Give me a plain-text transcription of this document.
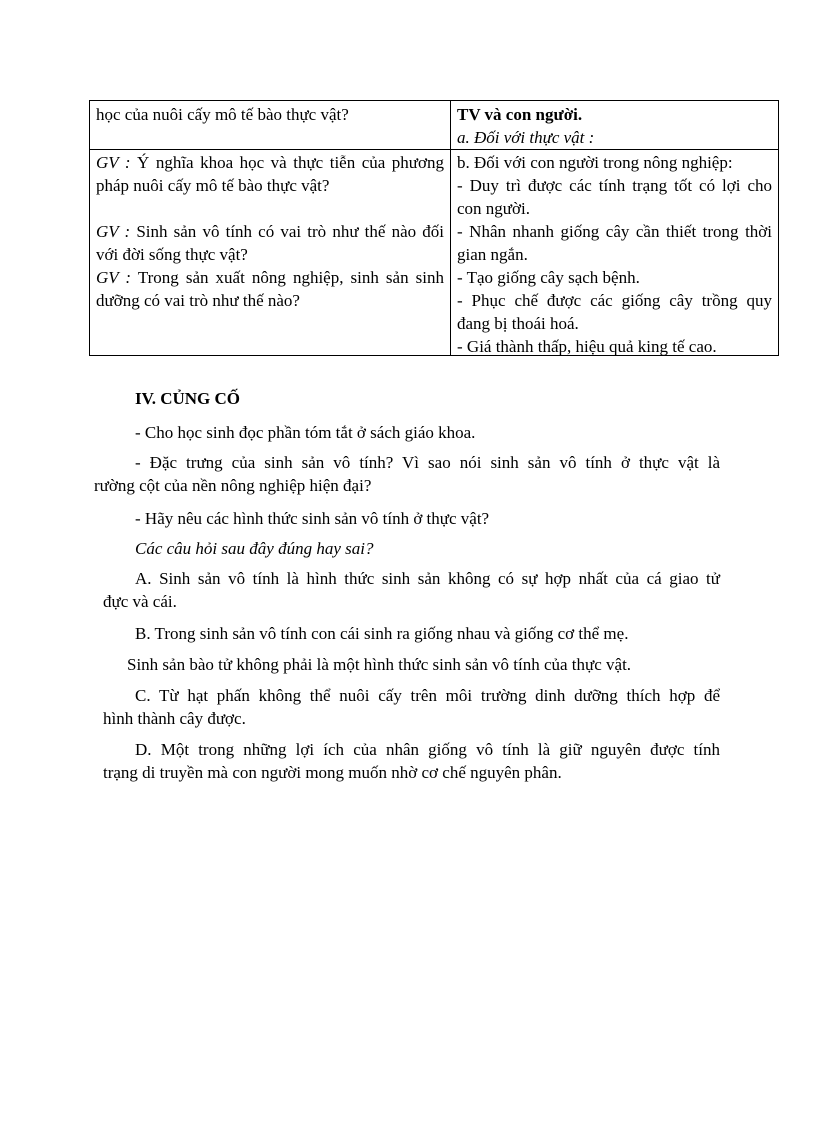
học của nuôi cấy mô tế bào thực vật?	TV và con người.

a. Đối với thực vật :

GV : Ý nghĩa khoa học và thực tiễn của phương pháp nuôi cấy mô tế bào thực vật?

GV : Sinh sản vô tính có vai trò như thế nào đối với đời sống thực vật?

GV : Trong sản xuất nông nghiệp, sinh sản sinh dưỡng có vai trò như thế nào?

b. Đối với con người trong nông nghiệp:

- Duy trì được các tính trạng tốt có lợi cho con người.

- Nhân nhanh giống cây cần thiết trong thời gian ngắn.

- Tạo giống cây sạch bệnh.

- Phục chế được các giống cây trồng quy đang bị thoái hoá.

- Giá thành thấp, hiệu quả king tế cao.

IV. CỦNG CỐ
- Cho học sinh đọc phần tóm tắt ở sách giáo khoa.
- Đặc trưng của sinh sản vô tính? Vì sao nói sinh sản vô tính ở thực vật là
rường cột của nền nông nghiệp hiện đại?
- Hãy nêu các hình thức sinh sản vô tính ở thực vật?
Các câu hỏi sau đây đúng hay sai?
A. Sinh sản vô tính là hình thức sinh sản không có sự hợp nhất của cá giao tử
đực và cái.
B. Trong sinh sản vô tính con cái sinh ra giống nhau và giống cơ thể mẹ.
Sinh sản bào tử không phải là một hình thức sinh sản vô tính của thực vật.
C. Từ hạt phấn không thể nuôi cấy trên môi trường dinh dưỡng thích hợp để
hình thành cây được.
D. Một trong những lợi ích của nhân giống vô tính là giữ nguyên được tính
trạng di truyền mà con người mong muốn nhờ cơ chế nguyên phân.
